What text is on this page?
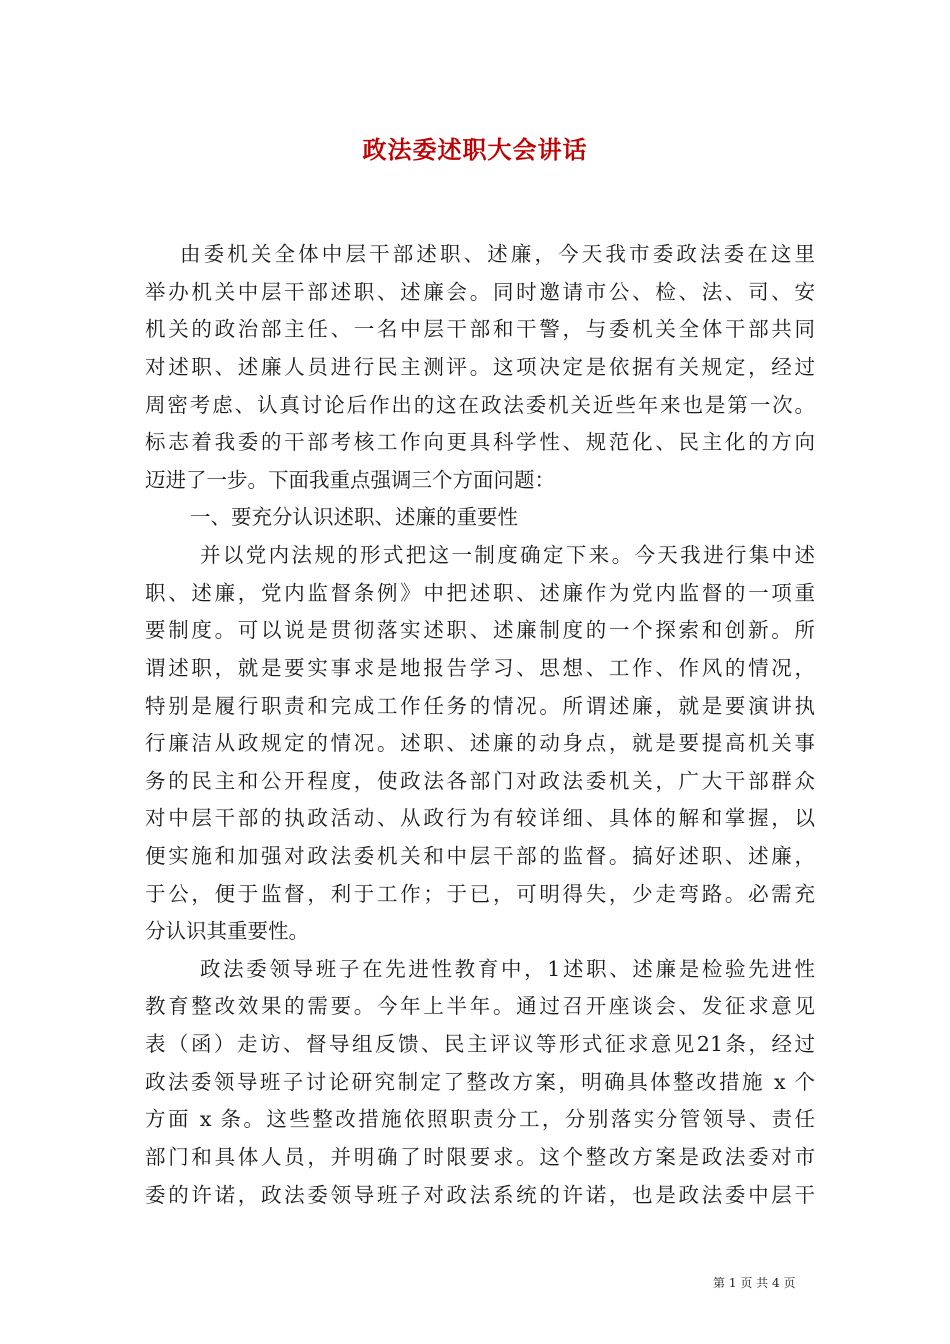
政法委述职大会讲话
由委机关全体中层干部述职、述廉，今天我市委政法委在这里
举办机关中层干部述职、述廉会。同时邀请市公、检、法、司、安
机关的政治部主任、一名中层干部和干警，与委机关全体干部共同
对述职、述廉人员进行民主测评。这项决定是依据有关规定，经过
周密考虑、认真讨论后作出的这在政法委机关近些年来也是第一次。
标志着我委的干部考核工作向更具科学性、规范化、民主化的方向
迈进了一步。下面我重点强调三个方面问题：
一、要充分认识述职、述廉的重要性
并以党内法规的形式把这一制度确定下来。今天我进行集中述
职、述廉，党内监督条例》中把述职、述廉作为党内监督的一项重
要制度。可以说是贯彻落实述职、述廉制度的一个探索和创新。所
谓述职，就是要实事求是地报告学习、思想、工作、作风的情况，
特别是履行职责和完成工作任务的情况。所谓述廉，就是要演讲执
行廉洁从政规定的情况。述职、述廉的动身点，就是要提高机关事
务的民主和公开程度，使政法各部门对政法委机关，广大干部群众
对中层干部的执政活动、从政行为有较详细、具体的解和掌握，以
便实施和加强对政法委机关和中层干部的监督。搞好述职、述廉，
于公，便于监督，利于工作；于已，可明得失，少走弯路。必需充
分认识其重要性。
政法委领导班子在先进性教育中，1述职、述廉是检验先进性
教育整改效果的需要。今年上半年。通过召开座谈会、发征求意见
表（函）走访、督导组反馈、民主评议等形式征求意见21条，经过
政法委领导班子讨论研究制定了整改方案，明确具体整改措施 x 个
方面 x 条。这些整改措施依照职责分工，分别落实分管领导、责任
部门和具体人员，并明确了时限要求。这个整改方案是政法委对市
委的许诺，政法委领导班子对政法系统的许诺，也是政法委中层干
第 1 页 共 4 页
